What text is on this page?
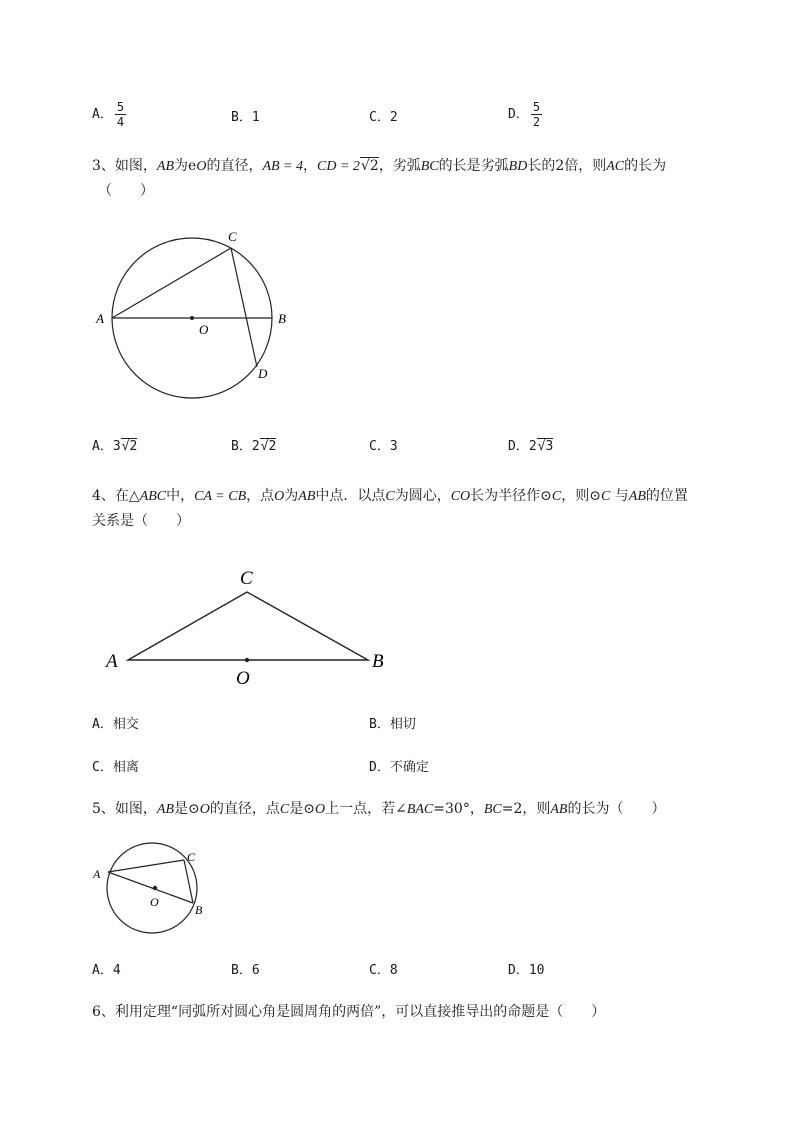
A． $\frac{5}{4}$	B．1	C．2	D． $\frac{5}{2}$
3、如图，AB为eO的直径，AB = 4，CD = 2√2，劣弧BC的长是劣弧BD长的2倍，则AC的长为
（　　）
A	B
C
D
O
A．3√2	B．2√2	C．3	D．2√3
4、在△ABC中，CA = CB，点O为AB中点．以点C为圆心，CO长为半径作⊙C，则⊙C 与AB的位置
关系是（　　）
A	B
C
O
A．相交	B．相切
C．相离	D．不确定
5、如图，AB是⊙O的直径，点C是⊙O上一点，若∠BAC=30°，BC=2，则AB的长为（　　）
A
B
C
O
A．4	B．6	C．8	D．10
6、利用定理“同弧所对圆心角是圆周角的两倍”，可以直接推导出的命题是（　　）
